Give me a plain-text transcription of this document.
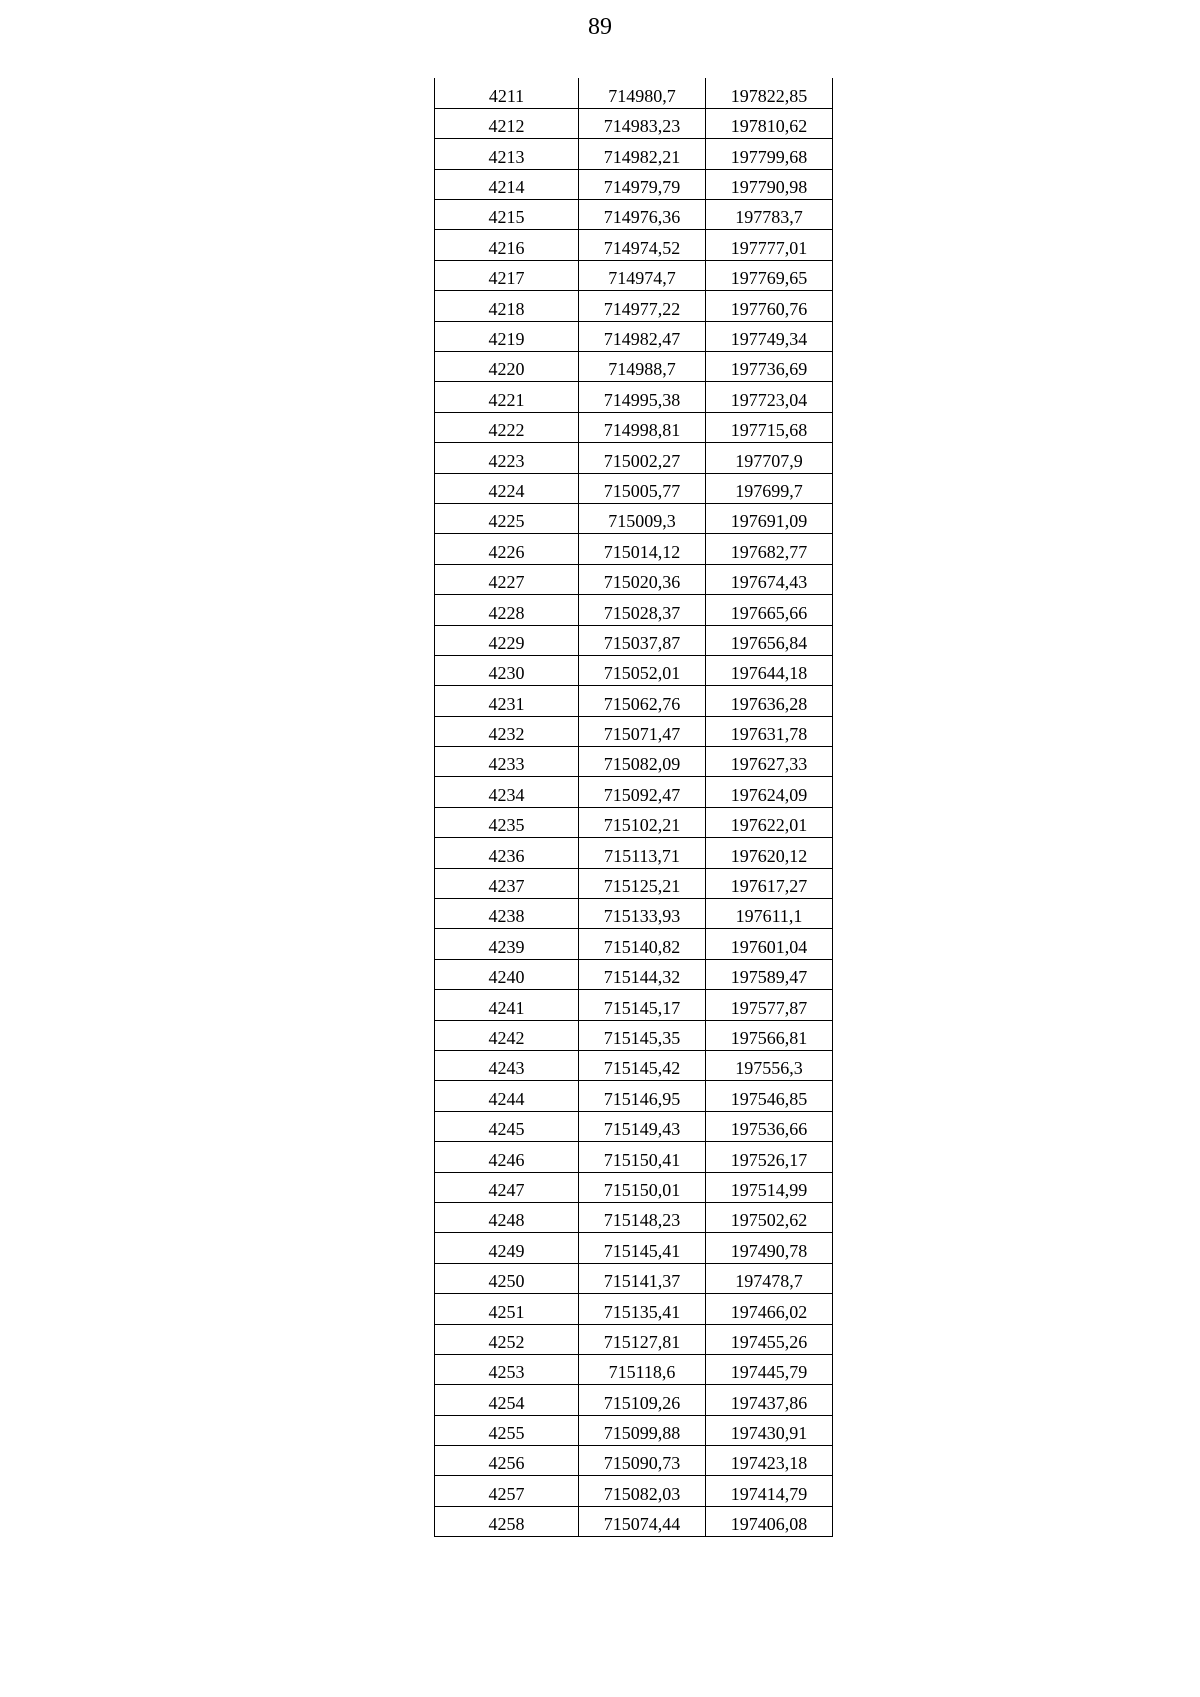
89
4211	714980,7	197822,85
4212	714983,23	197810,62
4213	714982,21	197799,68
4214	714979,79	197790,98
4215	714976,36	197783,7
4216	714974,52	197777,01
4217	714974,7	197769,65
4218	714977,22	197760,76
4219	714982,47	197749,34
4220	714988,7	197736,69
4221	714995,38	197723,04
4222	714998,81	197715,68
4223	715002,27	197707,9
4224	715005,77	197699,7
4225	715009,3	197691,09
4226	715014,12	197682,77
4227	715020,36	197674,43
4228	715028,37	197665,66
4229	715037,87	197656,84
4230	715052,01	197644,18
4231	715062,76	197636,28
4232	715071,47	197631,78
4233	715082,09	197627,33
4234	715092,47	197624,09
4235	715102,21	197622,01
4236	715113,71	197620,12
4237	715125,21	197617,27
4238	715133,93	197611,1
4239	715140,82	197601,04
4240	715144,32	197589,47
4241	715145,17	197577,87
4242	715145,35	197566,81
4243	715145,42	197556,3
4244	715146,95	197546,85
4245	715149,43	197536,66
4246	715150,41	197526,17
4247	715150,01	197514,99
4248	715148,23	197502,62
4249	715145,41	197490,78
4250	715141,37	197478,7
4251	715135,41	197466,02
4252	715127,81	197455,26
4253	715118,6	197445,79
4254	715109,26	197437,86
4255	715099,88	197430,91
4256	715090,73	197423,18
4257	715082,03	197414,79
4258	715074,44	197406,08
